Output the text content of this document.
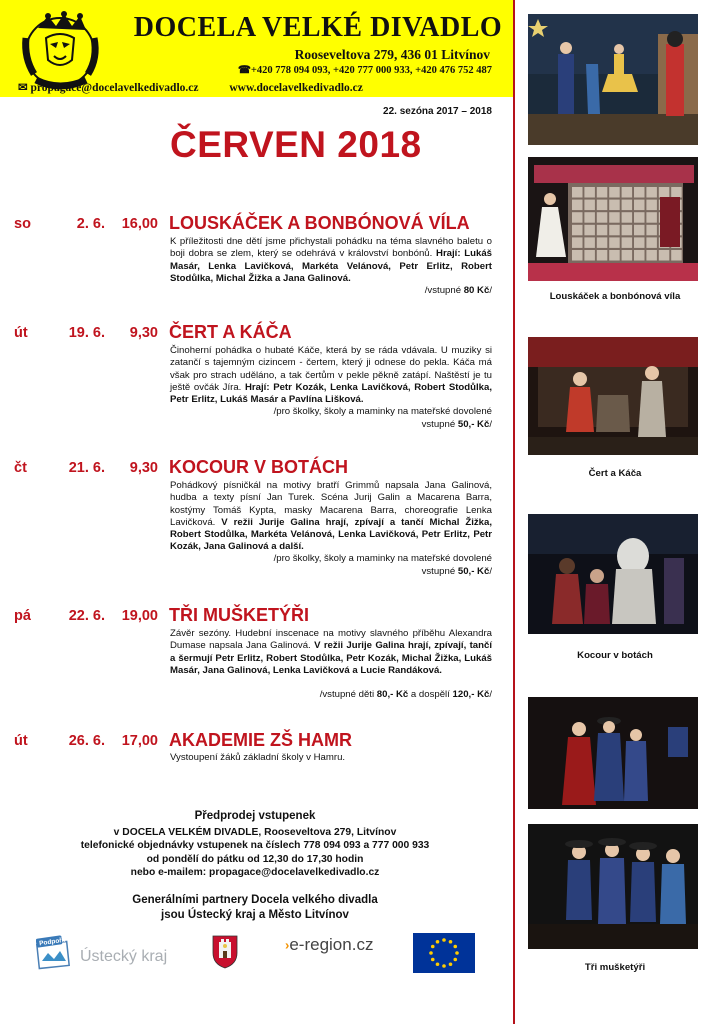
DOCELA VELKÉ DIVADLO
Rooseveltova 279, 436 01 Litvínov
☎+420 778 094 093, +420 777 000 933, +420 476 752 487
✉ propagace@docelavelkedivadlo.cz	www.docelavelkedivadlo.cz
22. sezóna 2017 – 2018
ČERVEN 2018
so	2. 6.	16,00 LOUSKÁČEK A BONBÓNOVÁ VÍLA
K příležitosti dne dětí jsme přichystali pohádku na téma slavného baletu o boji dobra se zlem, který se odehrává v království bonbónů. Hrají: Lukáš Masár, Lenka Lavičková, Markéta Velánová, Petr Erlitz, Robert Stodůlka, Michal Žižka a Jana Galinová.
/vstupné 80 Kč/
út	19. 6.	9,30 ČERT A KÁČA
Činoherní pohádka o hubaté Káče, která by se ráda vdávala. U muziky si zatančí s tajemným cizincem - čertem, který ji odnese do pekla. Káča má však pro strach uděláno, a tak čertům v pekle pěkně zatápí. Naštěstí je tu ještě ovčák Jíra. Hrají: Petr Kozák, Lenka Lavičková, Robert Stodůlka, Petr Erlitz, Lukáš Masár a Pavlína Lišková.
/pro školky, školy a maminky na mateřské dovolené
vstupné 50,- Kč/
čt	21. 6.	9,30 KOCOUR V BOTÁCH
Pohádkový písničkál na motivy bratří Grimmů napsala Jana Galinová, hudba a texty písní Jan Turek. Scéna Jurij Galin a Macarena Barra, kostýmy Tomáš Kypta, masky Macarena Barra, choreografie Lenka Lavičková. V režii Jurije Galina hrají, zpívají a tančí Michal Žižka, Robert Stodůlka, Markéta Velánová, Lenka Lavičková, Petr Erlitz, Petr Kozák, Jana Galinová a další.
/pro školky, školy a maminky na mateřské dovolené
vstupné 50,- Kč/
pá	22. 6.	19,00 TŘI MUŠKETÝŘI
Závěr sezóny. Hudební inscenace na motivy slavného příběhu Alexandra Dumase napsala Jana Galinová. V režii Jurije Galina hrají, zpívají, tančí a šermují Petr Erlitz, Robert Stodůlka, Petr Kozák, Michal Žižka, Lukáš Masár, Jana Galinová, Lenka Lavičková a Lucie Randáková.
/vstupné děti 80,- Kč a dospělí 120,- Kč/
út	26. 6.	17,00 AKADEMIE ZŠ HAMR
Vystoupení žáků základní školy v Hamru.
Předprodej vstupenek
v DOCELA VELKÉM DIVADLE, Rooseveltova 279, Litvínov
telefonické objednávky vstupenek na číslech 778 094 093 a 777 000 933
od pondělí do pátku od 12,30 do 17,30 hodin
nebo e-mailem: propagace@docelavelkedivadlo.cz
Generálními partnery Docela velkého divadla
jsou Ústecký kraj a Město Litvínov
Podpořil
Ústecký kraj
›e-region.cz
Louskáček a bonbónová víla
Čert a Káča
Kocour v botách
Tři mušketýři
